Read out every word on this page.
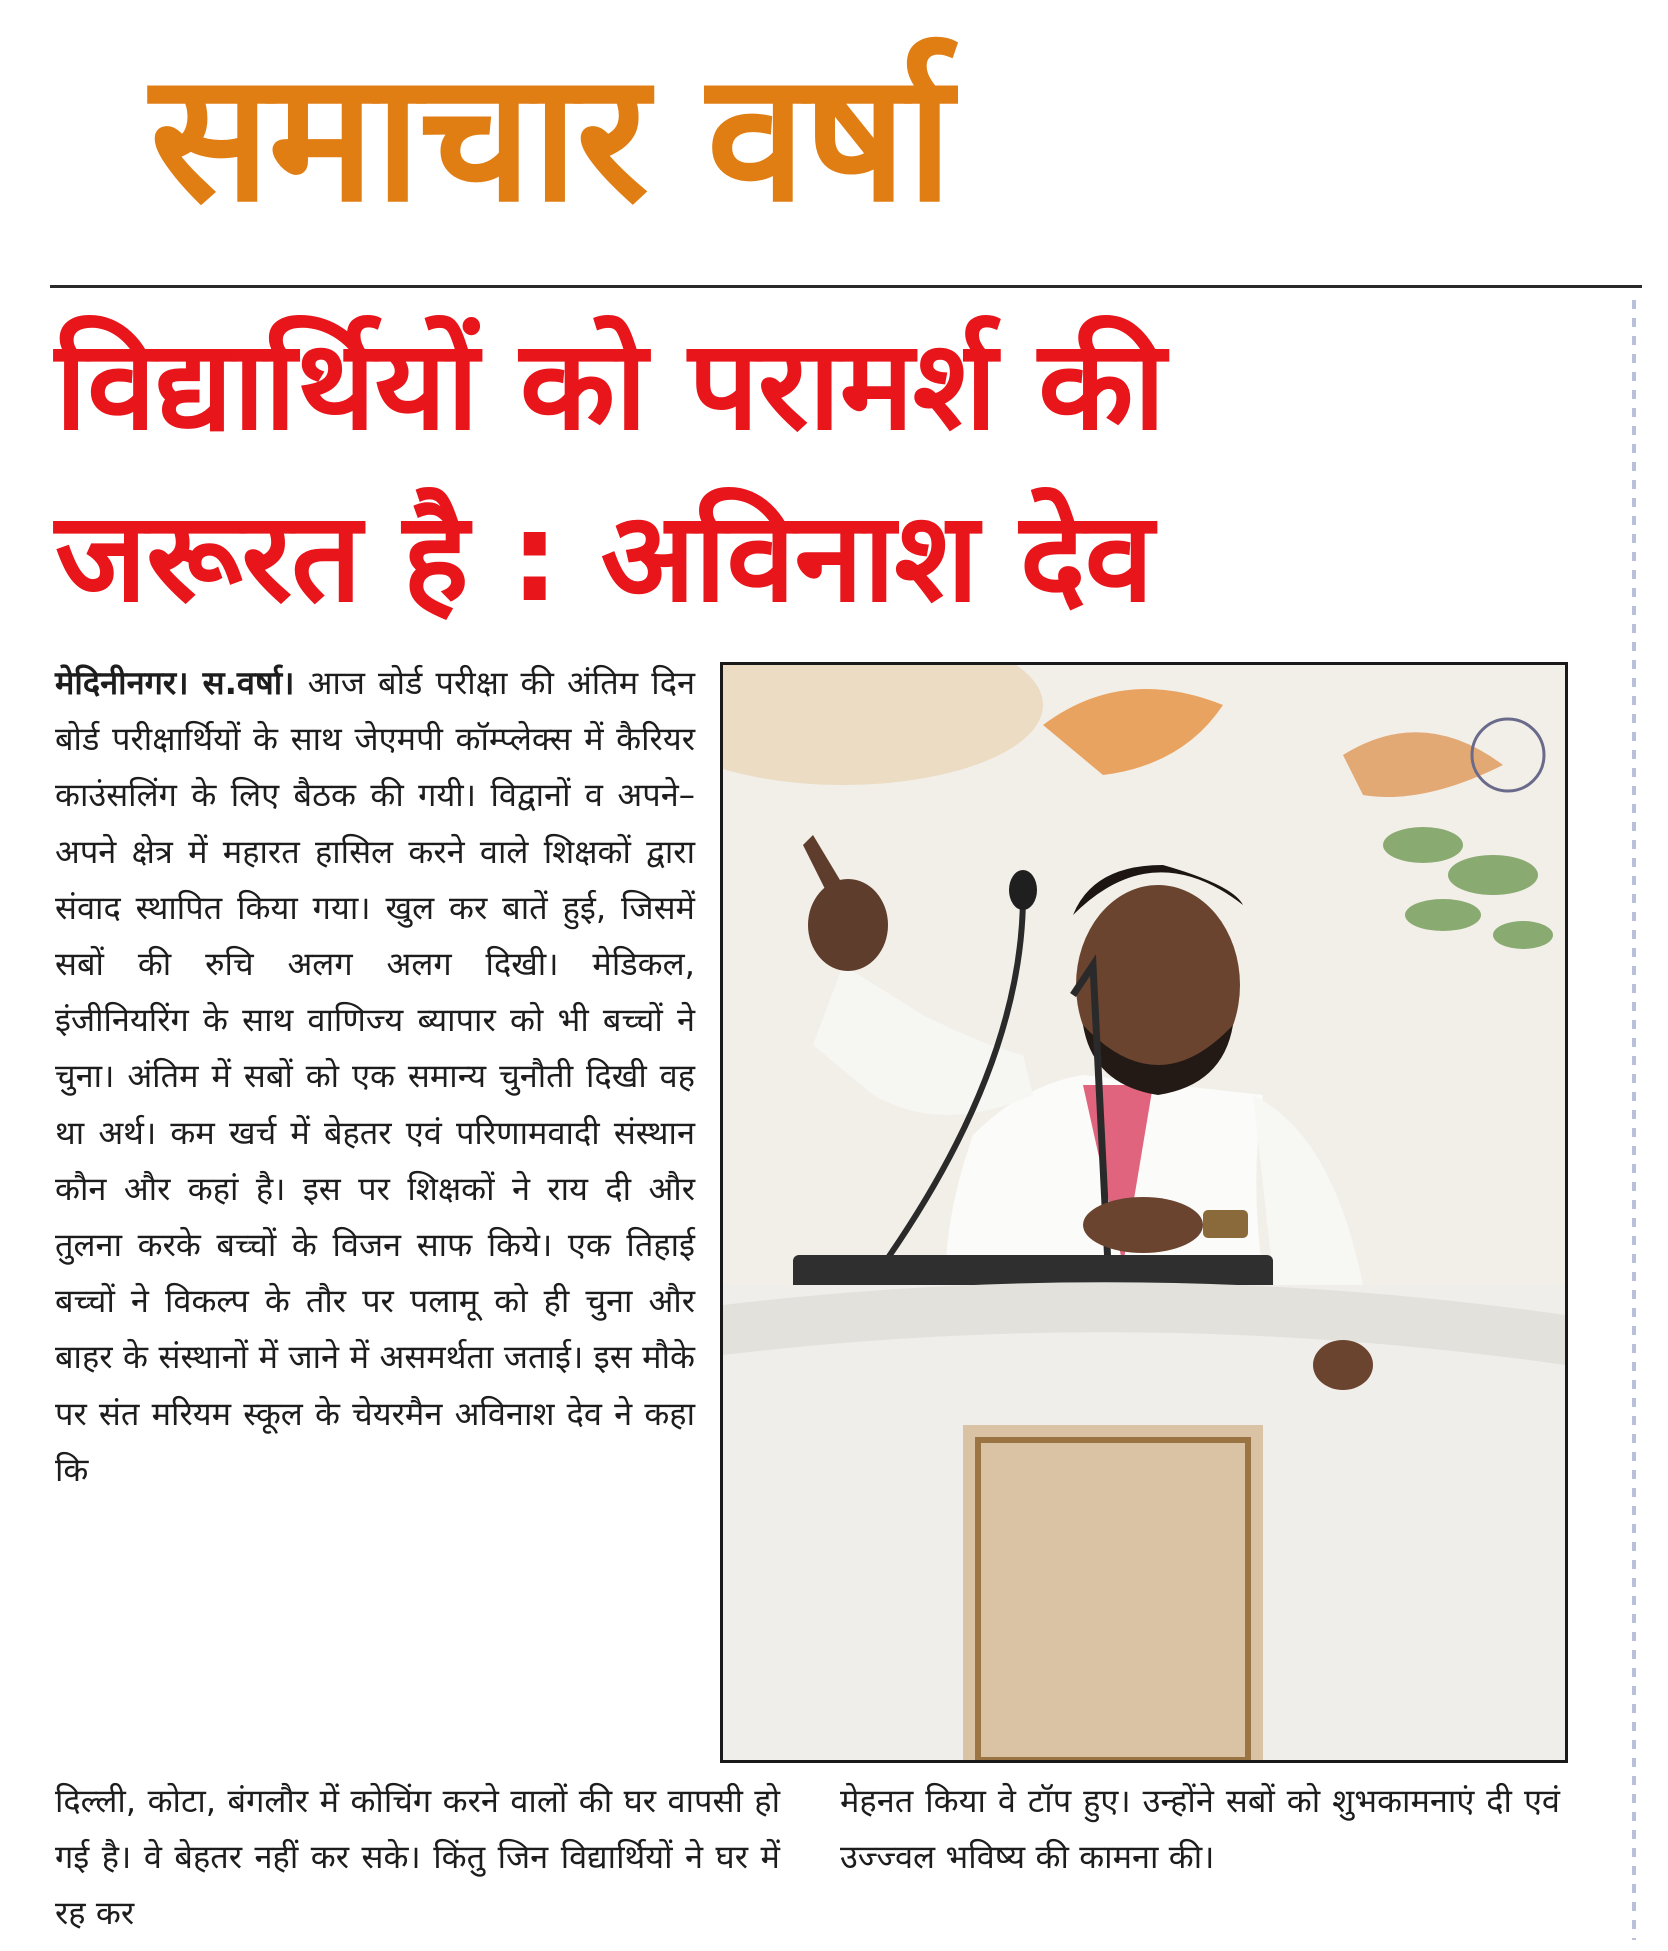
समाचार वर्षा
विद्यार्थियों को परामर्श की
जरूरत है : अविनाश देव
मेदिनीनगर। स.वर्षा। आज बोर्ड परीक्षा की अंतिम दिन बोर्ड परीक्षार्थियों के साथ जेएमपी कॉम्प्लेक्स में कैरियर काउंसलिंग के लिए बैठक की गयी। विद्वानों व अपने–अपने क्षेत्र में महारत हासिल करने वाले शिक्षकों द्वारा संवाद स्थापित किया गया। खुल कर बातें हुई, जिसमें सबों की रुचि अलग अलग दिखी। मेडिकल, इंजीनियरिंग के साथ वाणिज्य ब्यापार को भी बच्चों ने चुना। अंतिम में सबों को एक समान्य चुनौती दिखी वह था अर्थ। कम खर्च में बेहतर एवं परिणामवादी संस्थान कौन और कहां है। इस पर शिक्षकों ने राय दी और तुलना करके बच्चों के विजन साफ किये। एक तिहाई बच्चों ने विकल्प के तौर पर पलामू को ही चुना और बाहर के संस्थानों में जाने में असमर्थता जताई। इस मौके पर संत मरियम स्कूल के चेयरमैन अविनाश देव ने कहा कि
दिल्ली, कोटा, बंगलौर में कोचिंग करने वालों की घर वापसी हो गई है। वे बेहतर नहीं कर सके। किंतु जिन विद्यार्थियों ने घर में रह कर
मेहनत किया वे टॉप हुए। उन्होंने सबों को शुभकामनाएं दी एवं उज्ज्वल भविष्य की कामना की।
